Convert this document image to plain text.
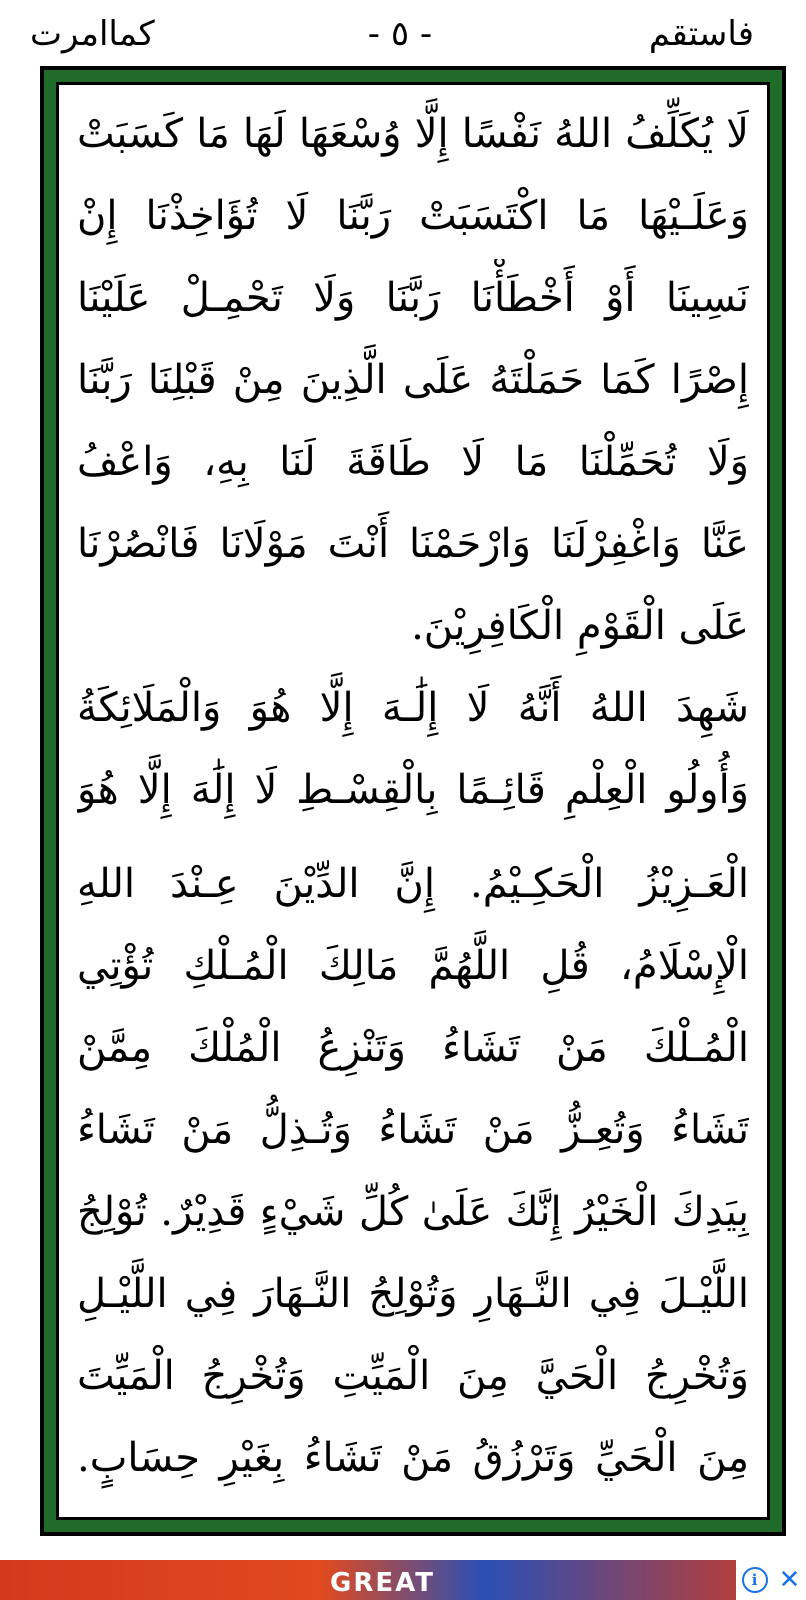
كماامرت	- ٥ -	فاستقم
لَا يُكَلِّفُ اللهُ نَفْسًا إِلَّا وُسْعَهَا لَهَا مَا كَسَبَتْ
وَعَلَـيْهَا مَا اكْتَسَبَتْ رَبَّنَا لَا تُؤَاخِذْنَا إِنْ
نَسِينَا أَوْ أَخْطَأْنَا رَبَّنَا وَلَا تَحْمِـلْ عَلَيْنَا
إِصْرًا كَمَا حَمَلْتَهُ عَلَى الَّذِينَ مِنْ قَبْلِنَا رَبَّنَا
وَلَا تُحَمِّلْنَا مَا لَا طَاقَةَ لَنَا بِهِ، وَاعْفُ
عَنَّا وَاغْفِرْلَنَا وَارْحَمْنَا أَنْتَ مَوْلَانَا فَانْصُرْنَا
عَلَى الْقَوْمِ الْكَافِرِيْنَ.
شَهِدَ اللهُ أَنَّهُ لَا إِلَٰـهَ إِلَّا هُوَ وَالْمَلَائِكَةُ
وَأُولُو الْعِلْمِ قَائِـمًا بِالْقِسْـطِ لَا إِلَٰهَ إِلَّا هُوَ
الْعَـزِيْزُ الْحَكِـيْمُ. إِنَّ الدِّيْنَ عِـنْدَ اللهِ
الْإِسْلَامُ، قُلِ اللَّهُمَّ مَالِكَ الْمُـلْكِ تُؤْتِي
الْمُـلْكَ مَنْ تَشَاءُ وَتَنْزِعُ الْمُلْكَ مِمَّنْ
تَشَاءُ وَتُعِـزُّ مَنْ تَشَاءُ وَتُـذِلُّ مَنْ تَشَاءُ
بِيَدِكَ الْخَيْرُ إِنَّكَ عَلَىٰ كُلِّ شَيْءٍ قَدِيْرٌ. تُوْلِجُ
اللَّيْـلَ فِي النَّـهَارِ وَتُوْلِجُ النَّـهَارَ فِي اللَّيْـلِ
وَتُخْرِجُ الْحَيَّ مِنَ الْمَيِّتِ وَتُخْرِجُ الْمَيِّتَ
مِنَ الْحَيِّ وَتَرْزُقُ مَنْ تَشَاءُ بِغَيْرِ حِسَابٍ.
GREAT	i ✕
